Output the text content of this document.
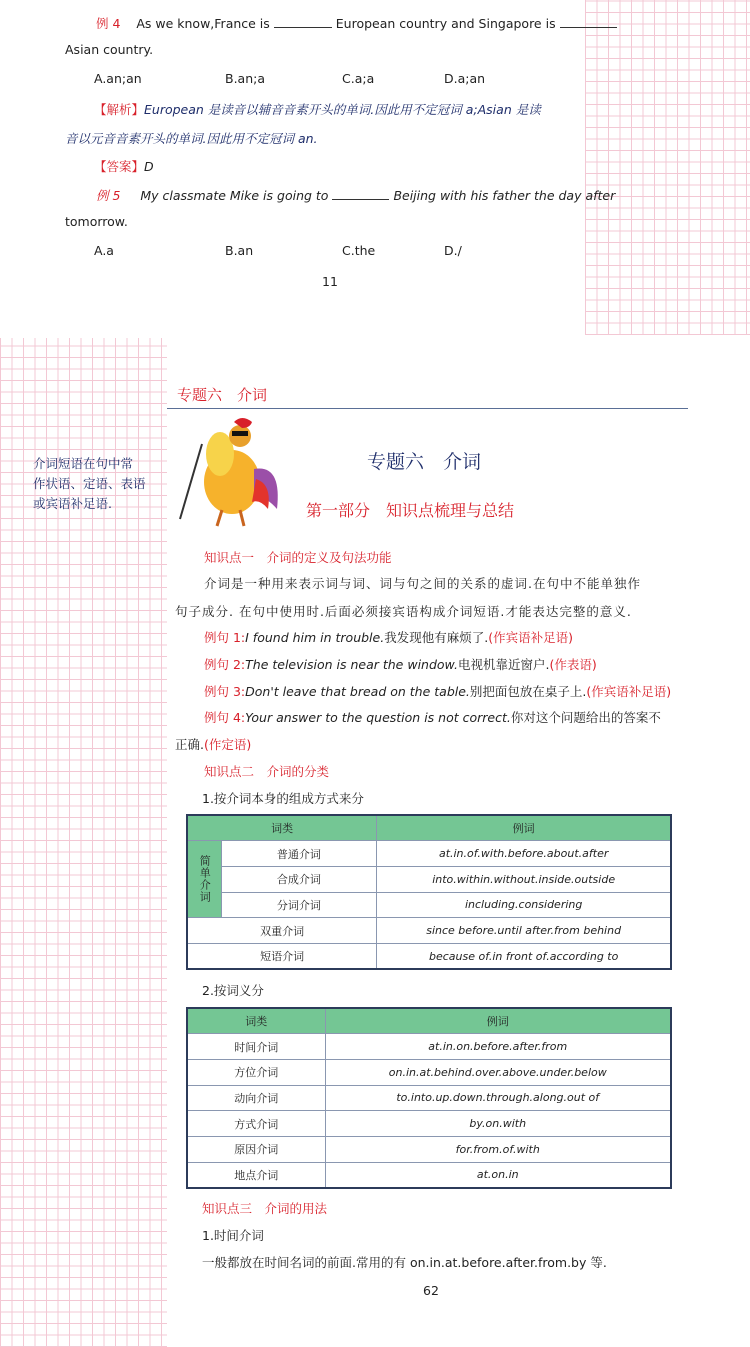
例 4 As we know,France is	European country and Singapore is
Asian country.
A.an;an	B.an;a	C.a;a	D.a;an
【解析】European 是读音以辅音音素开头的单词.因此用不定冠词 a;Asian 是读
音以元音音素开头的单词.因此用不定冠词 an.
【答案】D
例 5 My classmate Mike is going to	Beijing with his father the day after
tomorrow.
A.a	B.an	C.the	D./
11
专题六　介词
介词短语在句中常
作状语、定语、表语
或宾语补足语.
专题六　介词
第一部分　知识点梳理与总结
知识点一　介词的定义及句法功能
介词是一种用来表示词与词、词与句之间的关系的虚词.在句中不能单独作
句子成分. 在句中使用时.后面必须接宾语构成介词短语.才能表达完整的意义.
例句 1:I found him in trouble.我发现他有麻烦了.(作宾语补足语)
例句 2:The television is near the window.电视机靠近窗户.(作表语)
例句 3:Don't leave that bread on the table.别把面包放在桌子上.(作宾语补足语)
例句 4:Your answer to the question is not correct.你对这个问题给出的答案不
正确.(作定语)
知识点二　介词的分类
1.按介词本身的组成方式来分
词类		例词
简单介词	普通介词	at.in.of.with.before.about.after
	合成介词	into.within.without.inside.outside
	分词介词	including.considering
双重介词		since before.until after.from behind
短语介词		because of.in front of.according to
2.按词义分
词类	例词
时间介词	at.in.on.before.after.from
方位介词	on.in.at.behind.over.above.under.below
动向介词	to.into.up.down.through.along.out of
方式介词	by.on.with
原因介词	for.from.of.with
地点介词	at.on.in
知识点三　介词的用法
1.时间介词
一般都放在时间名词的前面.常用的有 on.in.at.before.after.from.by 等.
62
